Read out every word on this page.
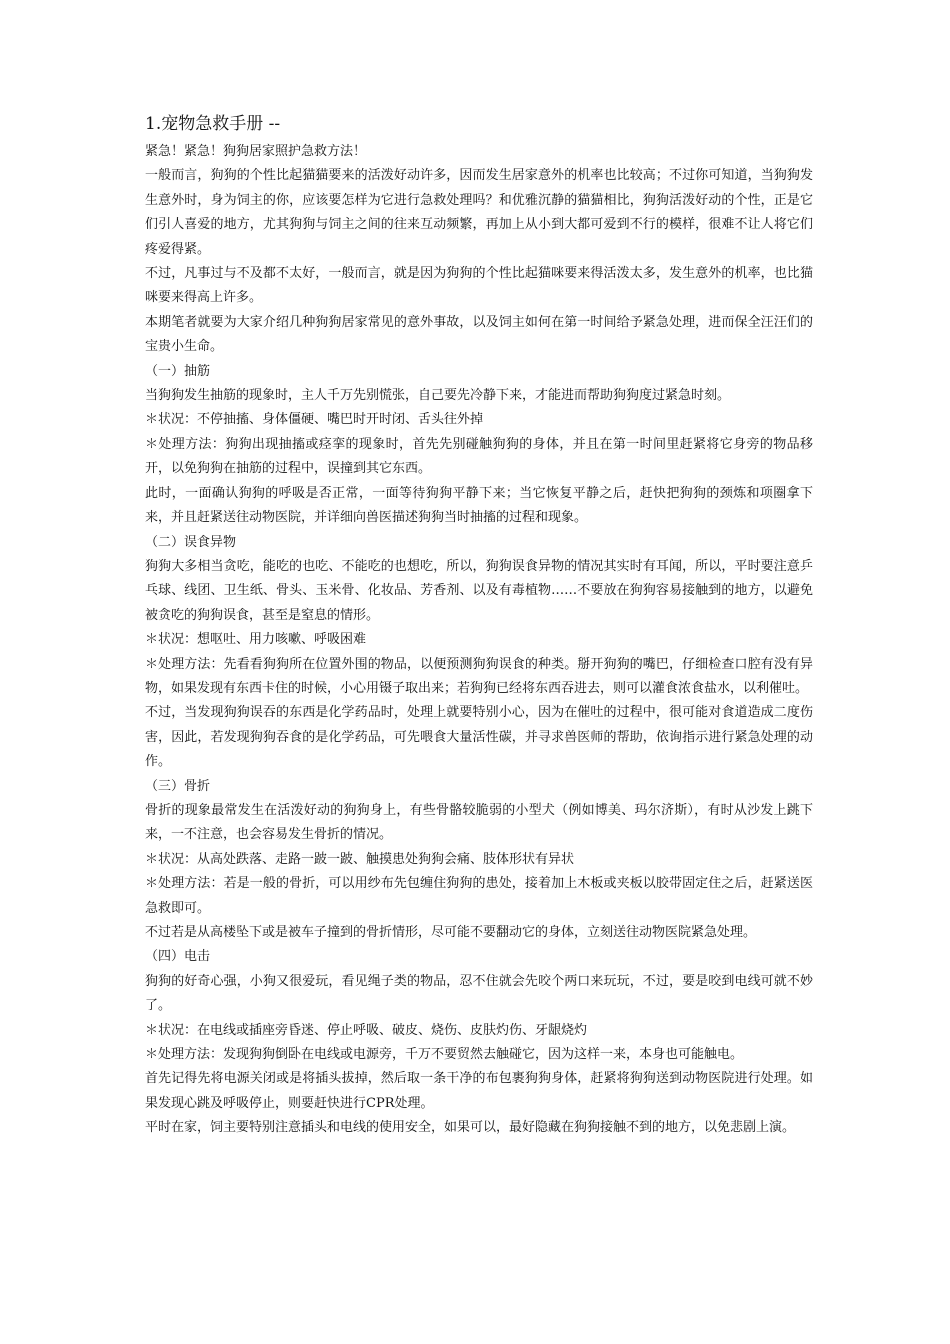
1.宠物急救手册 --

紧急！紧急！狗狗居家照护急救方法！

一般而言，狗狗的个性比起猫猫要来的活泼好动许多，因而发生居家意外的机率也比较高；不过你可知道，当狗狗发生意外时，身为饲主的你，应该要怎样为它进行急救处理吗？和优雅沉静的猫猫相比，狗狗活泼好动的个性，正是它们引人喜爱的地方，尤其狗狗与饲主之间的往来互动频繁，再加上从小到大都可爱到不行的模样，很难不让人将它们疼爱得紧。

不过，凡事过与不及都不太好，一般而言，就是因为狗狗的个性比起猫咪要来得活泼太多，发生意外的机率，也比猫咪要来得高上许多。

本期笔者就要为大家介绍几种狗狗居家常见的意外事故，以及饲主如何在第一时间给予紧急处理，进而保全汪汪们的宝贵小生命。

（一）抽筋

当狗狗发生抽筋的现象时，主人千万先别慌张，自己要先冷静下来，才能进而帮助狗狗度过紧急时刻。

＊状况：不停抽搐、身体僵硬、嘴巴时开时闭、舌头往外掉

＊处理方法：狗狗出现抽搐或痉挛的现象时，首先先别碰触狗狗的身体，并且在第一时间里赶紧将它身旁的物品移开，以免狗狗在抽筋的过程中，误撞到其它东西。

此时，一面确认狗狗的呼吸是否正常，一面等待狗狗平静下来；当它恢复平静之后，赶快把狗狗的颈炼和项圈拿下来，并且赶紧送往动物医院，并详细向兽医描述狗狗当时抽搐的过程和现象。

（二）误食异物

狗狗大多相当贪吃，能吃的也吃、不能吃的也想吃，所以，狗狗误食异物的情况其实时有耳闻，所以，平时要注意乒乓球、线团、卫生纸、骨头、玉米骨、化妆品、芳香剂、以及有毒植物……不要放在狗狗容易接触到的地方，以避免被贪吃的狗狗误食，甚至是窒息的情形。

＊状况：想呕吐、用力咳嗽、呼吸困难

＊处理方法：先看看狗狗所在位置外围的物品，以便预测狗狗误食的种类。掰开狗狗的嘴巴，仔细检查口腔有没有异物，如果发现有东西卡住的时候，小心用镊子取出来；若狗狗已经将东西吞进去，则可以灌食浓食盐水，以利催吐。

不过，当发现狗狗误吞的东西是化学药品时，处理上就要特别小心，因为在催吐的过程中，很可能对食道造成二度伤害，因此，若发现狗狗吞食的是化学药品，可先喂食大量活性碳，并寻求兽医师的帮助，依询指示进行紧急处理的动作。

（三）骨折

骨折的现象最常发生在活泼好动的狗狗身上，有些骨骼较脆弱的小型犬（例如博美、玛尔济斯），有时从沙发上跳下来，一不注意，也会容易发生骨折的情况。

＊状况：从高处跌落、走路一跛一跛、触摸患处狗狗会痛、肢体形状有异状

＊处理方法：若是一般的骨折，可以用纱布先包缠住狗狗的患处，接着加上木板或夹板以胶带固定住之后，赶紧送医急救即可。

不过若是从高楼坠下或是被车子撞到的骨折情形，尽可能不要翻动它的身体，立刻送往动物医院紧急处理。

（四）电击

狗狗的好奇心强，小狗又很爱玩，看见绳子类的物品，忍不住就会先咬个两口来玩玩，不过，要是咬到电线可就不妙了。

＊状况：在电线或插座旁昏迷、停止呼吸、破皮、烧伤、皮肤灼伤、牙龈烧灼

＊处理方法：发现狗狗倒卧在电线或电源旁，千万不要贸然去触碰它，因为这样一来，本身也可能触电。

首先记得先将电源关闭或是将插头拔掉，然后取一条干净的布包裹狗狗身体，赶紧将狗狗送到动物医院进行处理。如果发现心跳及呼吸停止，则要赶快进行CPR处理。

平时在家，饲主要特别注意插头和电线的使用安全，如果可以，最好隐藏在狗狗接触不到的地方，以免悲剧上演。
